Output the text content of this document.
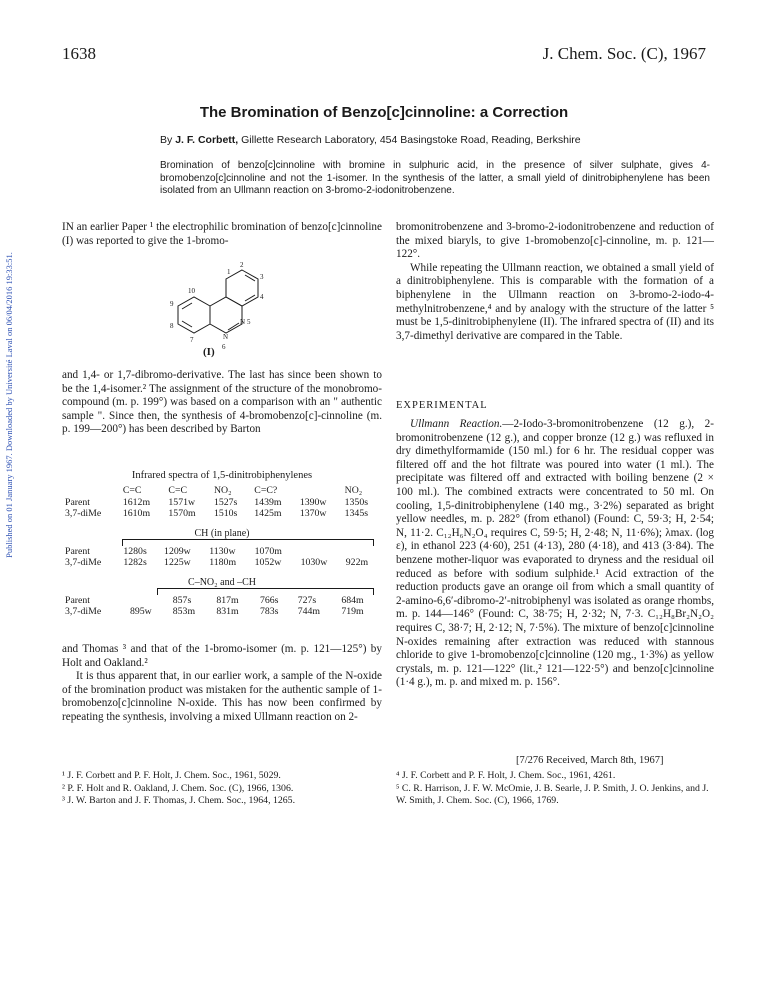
1638	J. Chem. Soc. (C), 1967
The Bromination of Benzo[c]cinnoline: a Correction
By J. F. Corbett, Gillette Research Laboratory, 454 Basingstoke Road, Reading, Berkshire
Bromination of benzo[c]cinnoline with bromine in sulphuric acid, in the presence of silver sulphate, gives 4-bromobenzo[c]cinnoline and not the 1-isomer. In the synthesis of the latter, a small yield of dinitrobiphenylene has been isolated from an Ullmann reaction on 3-bromo-2-iodonitrobenzene.
Published on 01 January 1967. Downloaded by Université Laval on 06/04/2016 19:33:51.

IN an earlier Paper ¹ the electrophilic bromination of benzo[c]cinnoline (I) was reported to give the 1-bromo-

1
2
3
4
N 5
N
6
7
8
9
10
(I)

and 1,4- or 1,7-dibromo-derivative. The last has since been shown to be the 1,4-isomer.² The assignment of the structure of the monobromo-compound (m. p. 199°) was based on a comparison with an " authentic sample ". Since then, the synthesis of 4-bromobenzo[c]-cinnoline (m. p. 199—200°) has been described by Barton

Infrared spectra of 1,5-dinitrobiphenylenes
	C=C	C=C	NO₂	C=C?		NO₂
Parent	1612m	1571w	1527s	1439m	1390w	1350s
3,7-diMe	1610m	1570m	1510s	1425m	1370w	1345s
CH (in plane)
Parent	1280s	1209w	1130w	1070m		
3,7-diMe	1282s	1225w	1180m	1052w	1030w	922m
C–NO₂ and –CH
Parent		857s	817m	766s	727s	684m
3,7-diMe	895w	853m	831m	783s	744m	719m

and Thomas ³ and that of the 1-bromo-isomer (m. p. 121—125°) by Holt and Oakland.²

It is thus apparent that, in our earlier work, a sample of the N-oxide of the bromination product was mistaken for the authentic sample of 1-bromobenzo[c]cinnoline N-oxide. This has now been confirmed by repeating the synthesis, involving a mixed Ullmann reaction on 2-

bromonitrobenzene and 3-bromo-2-iodonitrobenzene and reduction of the mixed biaryls, to give 1-bromobenzo[c]-cinnoline, m. p. 121—122°.

While repeating the Ullmann reaction, we obtained a small yield of a dinitrobiphenylene. This is comparable with the formation of a biphenylene in the Ullmann reaction on 3-bromo-2-iodo-4-methylnitrobenzene,⁴ and by analogy with the structure of the latter ⁵ must be 1,5-dinitrobiphenylene (II). The infrared spectra of (II) and its 3,7-dimethyl derivative are compared in the Table.

EXPERIMENTAL

Ullmann Reaction.—2-Iodo-3-bromonitrobenzene (12 g.), 2-bromonitrobenzene (12 g.), and copper bronze (12 g.) was refluxed in dry dimethylformamide (150 ml.) for 6 hr. The residual copper was filtered off and the hot filtrate was poured into water (1 ml.). The precipitate was filtered off and extracted with boiling benzene (2 × 100 ml.). The combined extracts were concentrated to 50 ml. On cooling, 1,5-dinitrobiphenylene (140 mg., 3·2%) separated as bright yellow needles, m. p. 282° (from ethanol) (Found: C, 59·3; H, 2·54; N, 11·2. C₁₂H₆N₂O₄ requires C, 59·5; H, 2·48; N, 11·6%); λmax. (log ε), in ethanol 223 (4·60), 251 (4·13), 280 (4·18), and 413 (3·84). The benzene mother-liquor was evaporated to dryness and the residual oil reduced as before with sodium sulphide.¹ Acid extraction of the reduction products gave an orange oil from which a small quantity of 2-amino-6,6′-dibromo-2′-nitrobiphenyl was isolated as orange rhombs, m. p. 144—146° (Found: C, 38·75; H, 2·32; N, 7·3. C₁₂H₈Br₂N₂O₂ requires C, 38·7; H, 2·12; N, 7·5%). The mixture of benzo[c]cinnoline N-oxides remaining after extraction was reduced with stannous chloride to give 1-bromobenzo[c]cinnoline (120 mg., 1·3%) as yellow crystals, m. p. 121—122° (lit.,² 121—122·5°) and benzo[c]cinnoline (1·4 g.), m. p. and mixed m. p. 156°.

[7/276 Received, March 8th, 1967]
¹ J. F. Corbett and P. F. Holt, J. Chem. Soc., 1961, 5029.
² P. F. Holt and R. Oakland, J. Chem. Soc. (C), 1966, 1306.
³ J. W. Barton and J. F. Thomas, J. Chem. Soc., 1964, 1265.
⁴ J. F. Corbett and P. F. Holt, J. Chem. Soc., 1961, 4261.
⁵ C. R. Harrison, J. F. W. McOmie, J. B. Searle, J. P. Smith, J. O. Jenkins, and J. W. Smith, J. Chem. Soc. (C), 1966, 1769.
